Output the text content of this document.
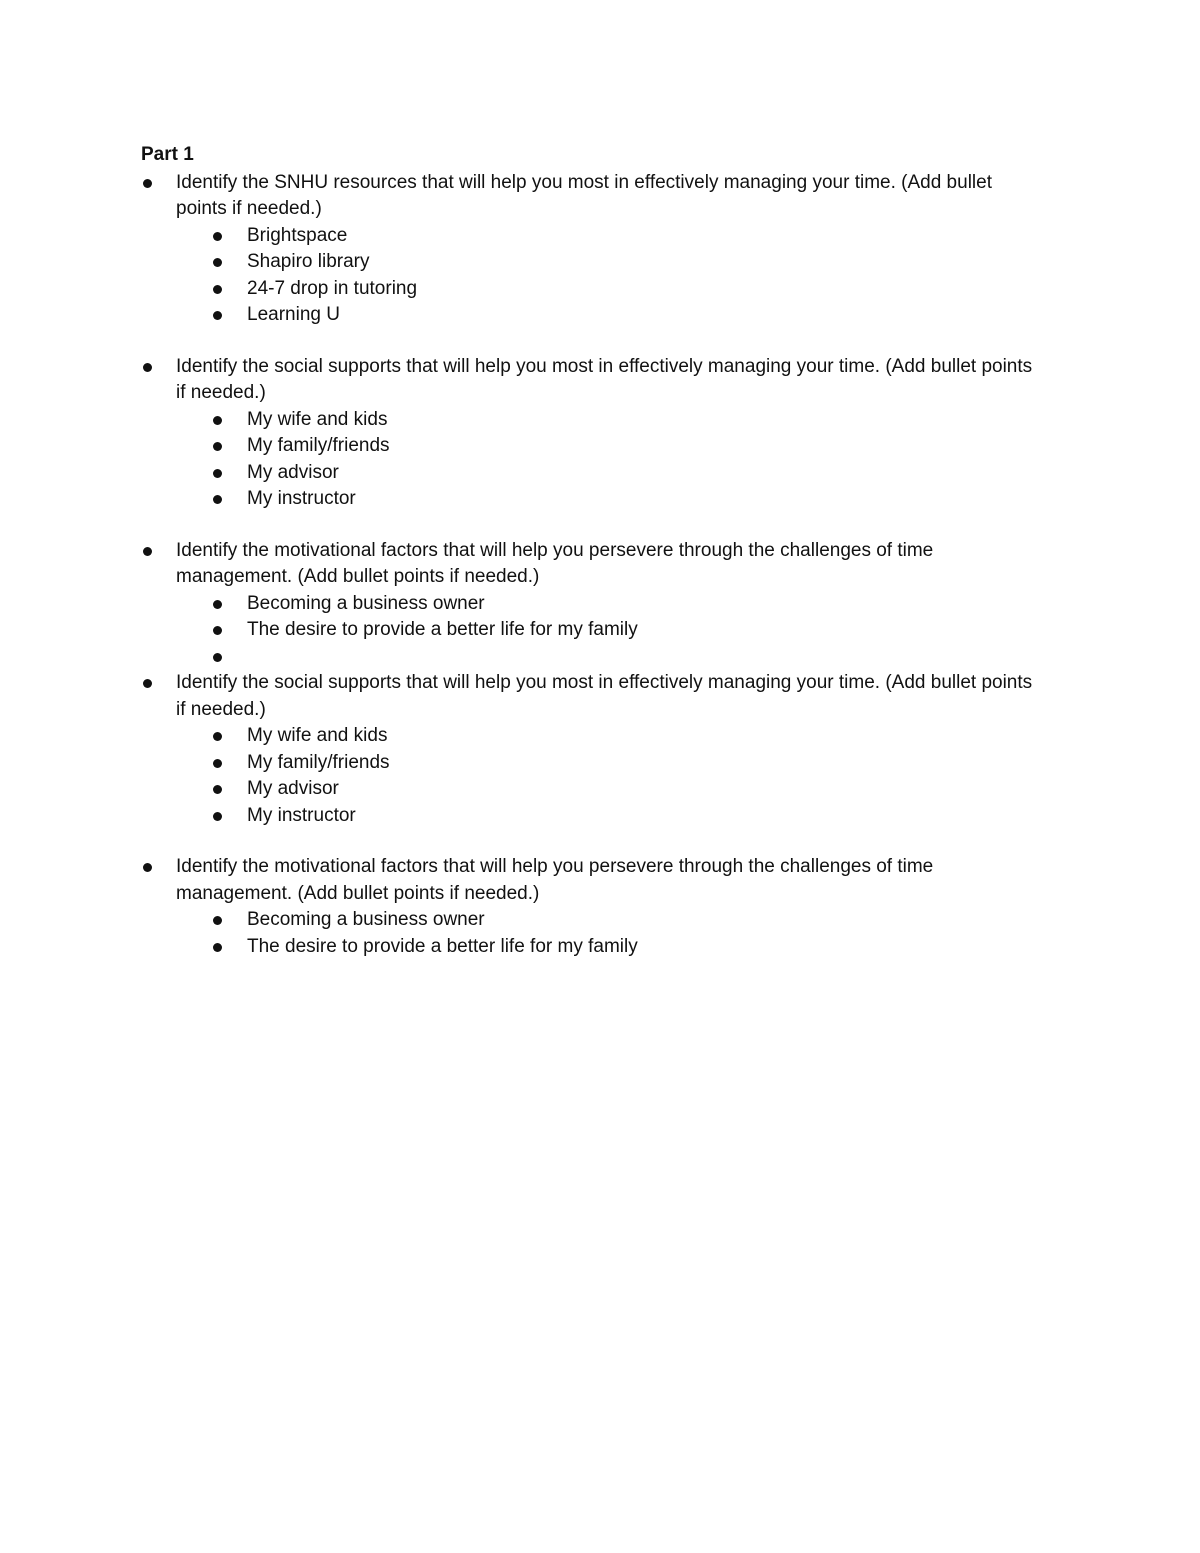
Part 1
Identify the SNHU resources that will help you most in effectively managing your time. (Add bullet points if needed.)
Brightspace
Shapiro library
24-7 drop in tutoring
Learning U
Identify the social supports that will help you most in effectively managing your time. (Add bullet points if needed.)
My wife and kids
My family/friends
My advisor
My instructor
Identify the motivational factors that will help you persevere through the challenges of time management. (Add bullet points if needed.)
Becoming a business owner
The desire to provide a better life for my family
Identify the social supports that will help you most in effectively managing your time. (Add bullet points if needed.)
My wife and kids
My family/friends
My advisor
My instructor
Identify the motivational factors that will help you persevere through the challenges of time management. (Add bullet points if needed.)
Becoming a business owner
The desire to provide a better life for my family
